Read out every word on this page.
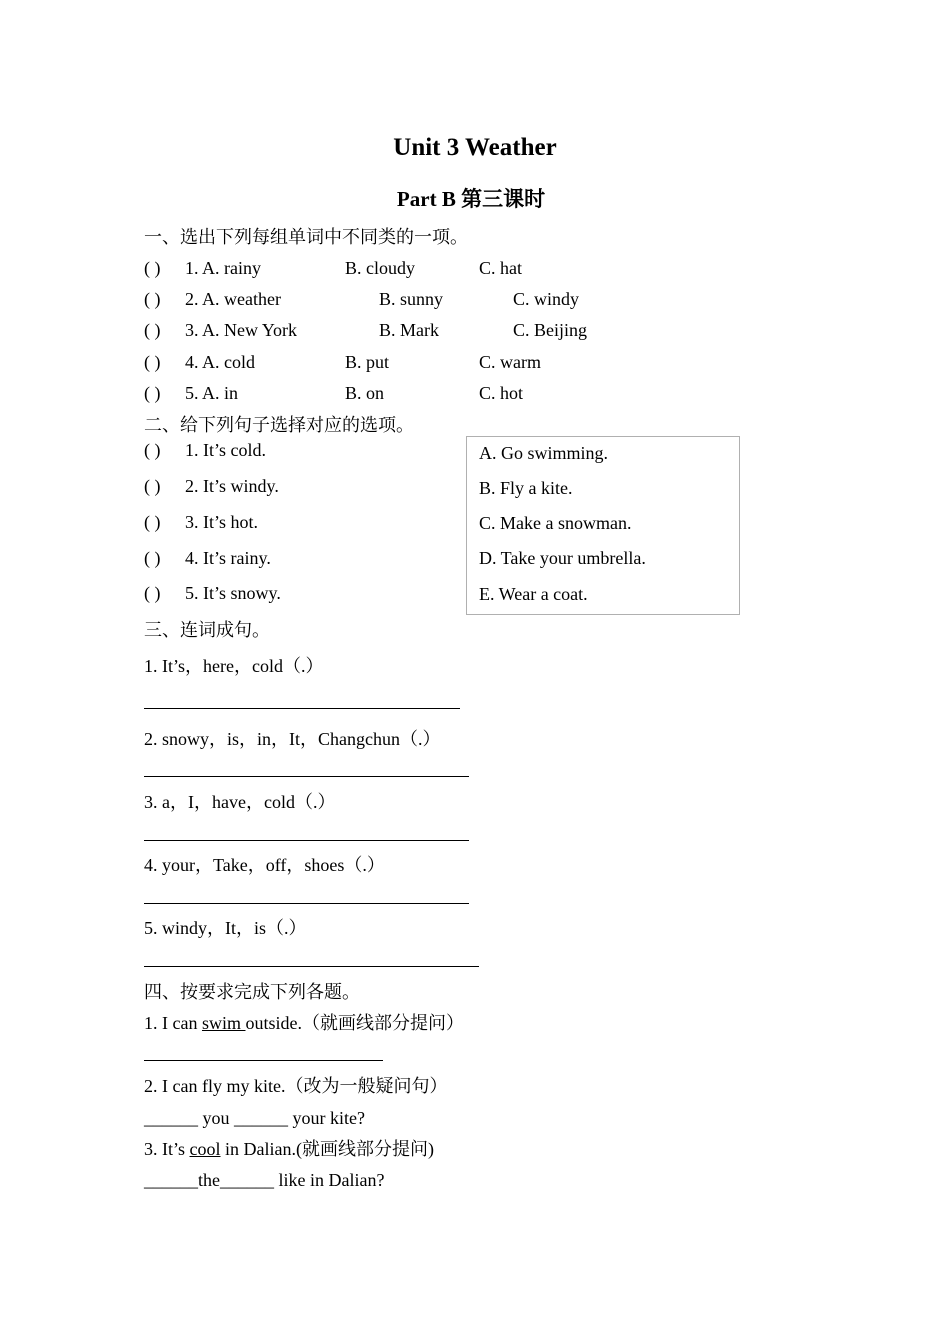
Unit 3 Weather
Part B 第三课时
一、选出下列每组单词中不同类的一项。
( ) 1. A. rainy	B. cloudy	C. hat
( ) 2. A. weather	B. sunny	C. windy
( ) 3. A. New York	B. Mark	C. Beijing
( ) 4. A. cold	B. put	C. warm
( ) 5. A. in	B. on	C. hot
二、给下列句子选择对应的选项。
( ) 1. It’s cold.
( ) 2. It’s windy.
( ) 3. It’s hot.
( ) 4. It’s rainy.
( ) 5. It’s snowy.
A. Go swimming.
B. Fly a kite.
C. Make a snowman.
D. Take your umbrella.
E. Wear a coat.
三、连词成句。
1. It’s，here，cold（.）
2. snowy，is，in，It，Changchun（.）
3. a，I，have，cold（.）
4. your，Take，off，shoes（.）
5. windy，It，is（.）
四、按要求完成下列各题。
1. I can swim outside.（就画线部分提问）
2. I can fly my kite.（改为一般疑问句）
______ you ______ your kite?
3. It’s cool in Dalian.(就画线部分提问)
______the______ like in Dalian?
